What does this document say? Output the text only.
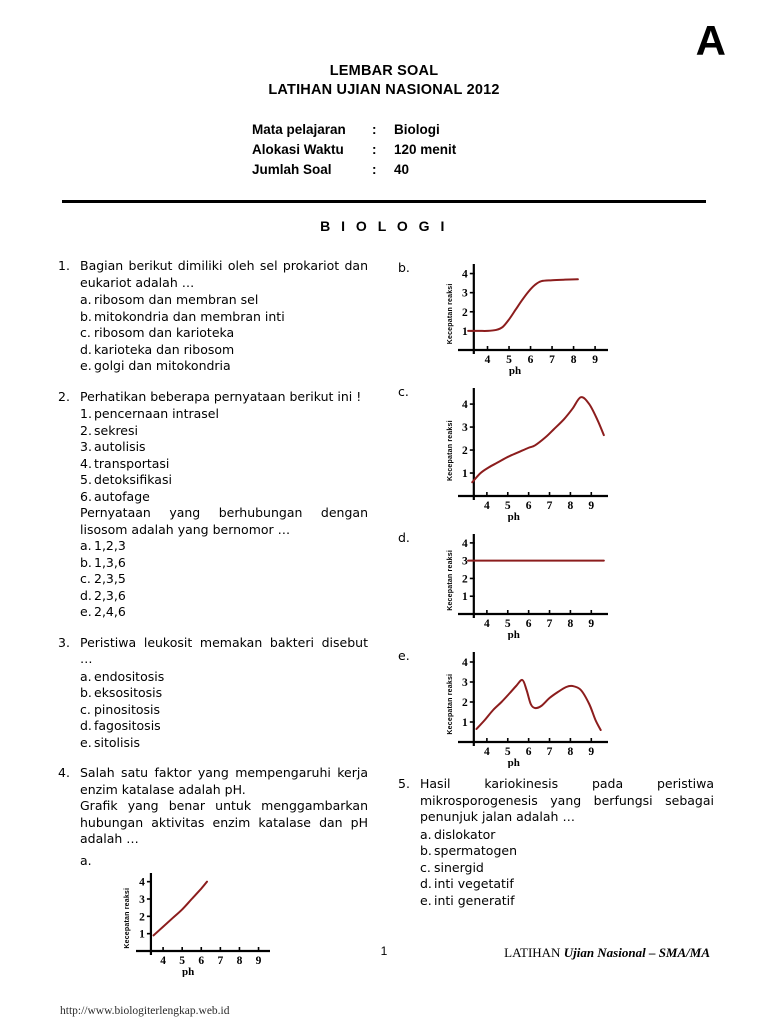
A
LEMBAR SOAL
LATIHAN UJIAN NASIONAL 2012
Mata pelajaran	:	Biologi
Alokasi Waktu	:	120 menit
Jumlah Soal	:	40
B I O L O G I
1. Bagian berikut dimiliki oleh sel prokariot dan eukariot adalah …
a. ribosom dan membran sel
b. mitokondria dan membran inti
c. ribosom dan karioteka
d. karioteka dan ribosom
e. golgi dan mitokondria
2. Perhatikan beberapa pernyataan berikut ini !
1. pencernaan intrasel
2. sekresi
3. autolisis
4. transportasi
5. detoksifikasi
6. autofage
Pernyataan yang berhubungan dengan lisosom adalah yang bernomor …
a. 1,2,3
b. 1,3,6
c. 2,3,5
d. 2,3,6
e. 2,4,6
3. Peristiwa leukosit memakan bakteri disebut …
a. endositosis
b. eksositosis
c. pinositosis
d. fagositosis
e. sitolisis
4. Salah satu faktor yang mempengaruhi kerja enzim katalase adalah pH.
Grafik yang benar untuk menggambarkan hubungan aktivitas enzim katalase dan pH adalah …
a.
4 5 6 7 8 9
1
2
3
4
ph
Kecepatan reaksi
b.
4 5 6 7 8 9
1
2
3
4
ph
Kecepatan reaksi
c.
4 5 6 7 8 9
1
2
3
4
ph
Kecepatan reaksi
d.
4 5 6 7 8 9
1
2
3
4
ph
Kecepatan reaksi
e.
4 5 6 7 8 9
1
2
3
4
ph
Kecepatan reaksi
5. Hasil kariokinesis pada peristiwa mikrosporogenesis yang berfungsi sebagai penunjuk jalan adalah …
a. dislokator
b. spermatogen
c. sinergid
d. inti vegetatif
e. inti generatif
1	LATIHAN Ujian Nasional – SMA/MA
http://www.biologiterlengkap.web.id
